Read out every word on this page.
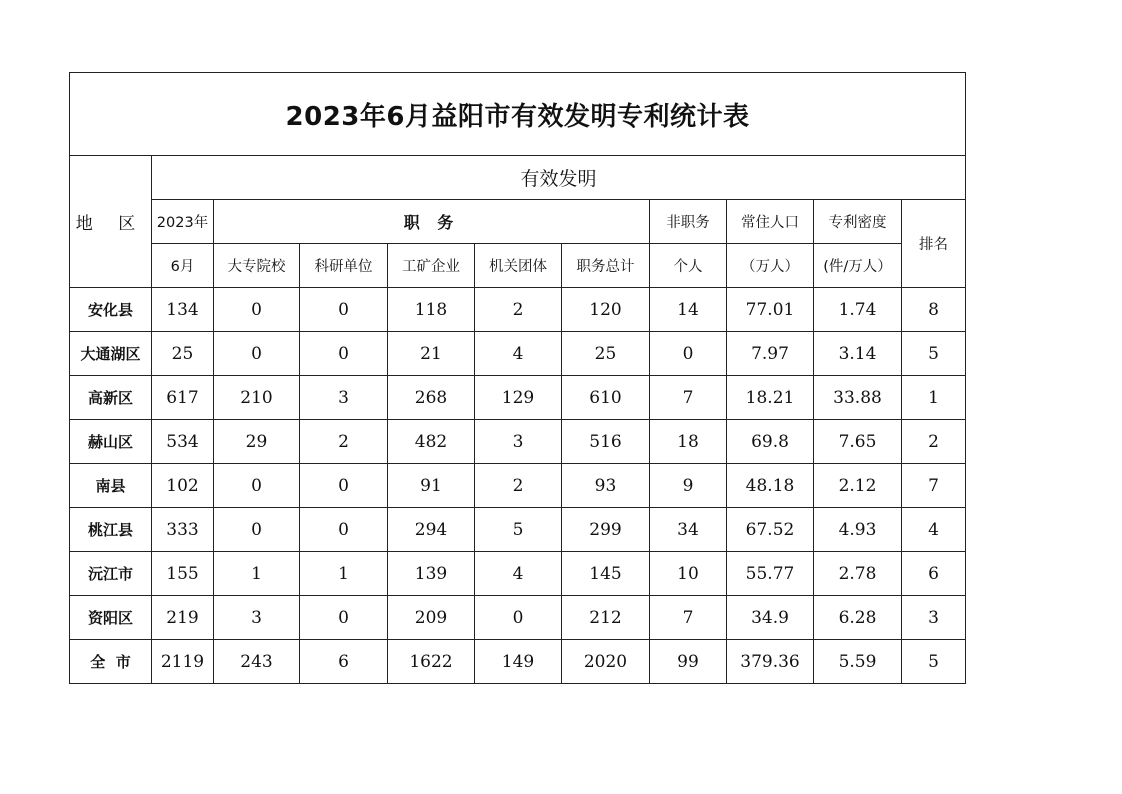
2023年6月益阳市有效发明专利统计表										
地 区	有效发明									
	2023年	职 务					非职务	常住人口	专利密度	排名
	6月	大专院校	科研单位	工矿企业	机关团体	职务总计	个人	（万人）	(件/万人）	
安化县	134	0	0	118	2	120	14	77.01	1.74	8
大通湖区	25	0	0	21	4	25	0	7.97	3.14	5
高新区	617	210	3	268	129	610	7	18.21	33.88	1
赫山区	534	29	2	482	3	516	18	69.8	7.65	2
南县	102	0	0	91	2	93	9	48.18	2.12	7
桃江县	333	0	0	294	5	299	34	67.52	4.93	4
沅江市	155	1	1	139	4	145	10	55.77	2.78	6
资阳区	219	3	0	209	0	212	7	34.9	6.28	3
全  市	2119	243	6	1622	149	2020	99	379.36	5.59	5
